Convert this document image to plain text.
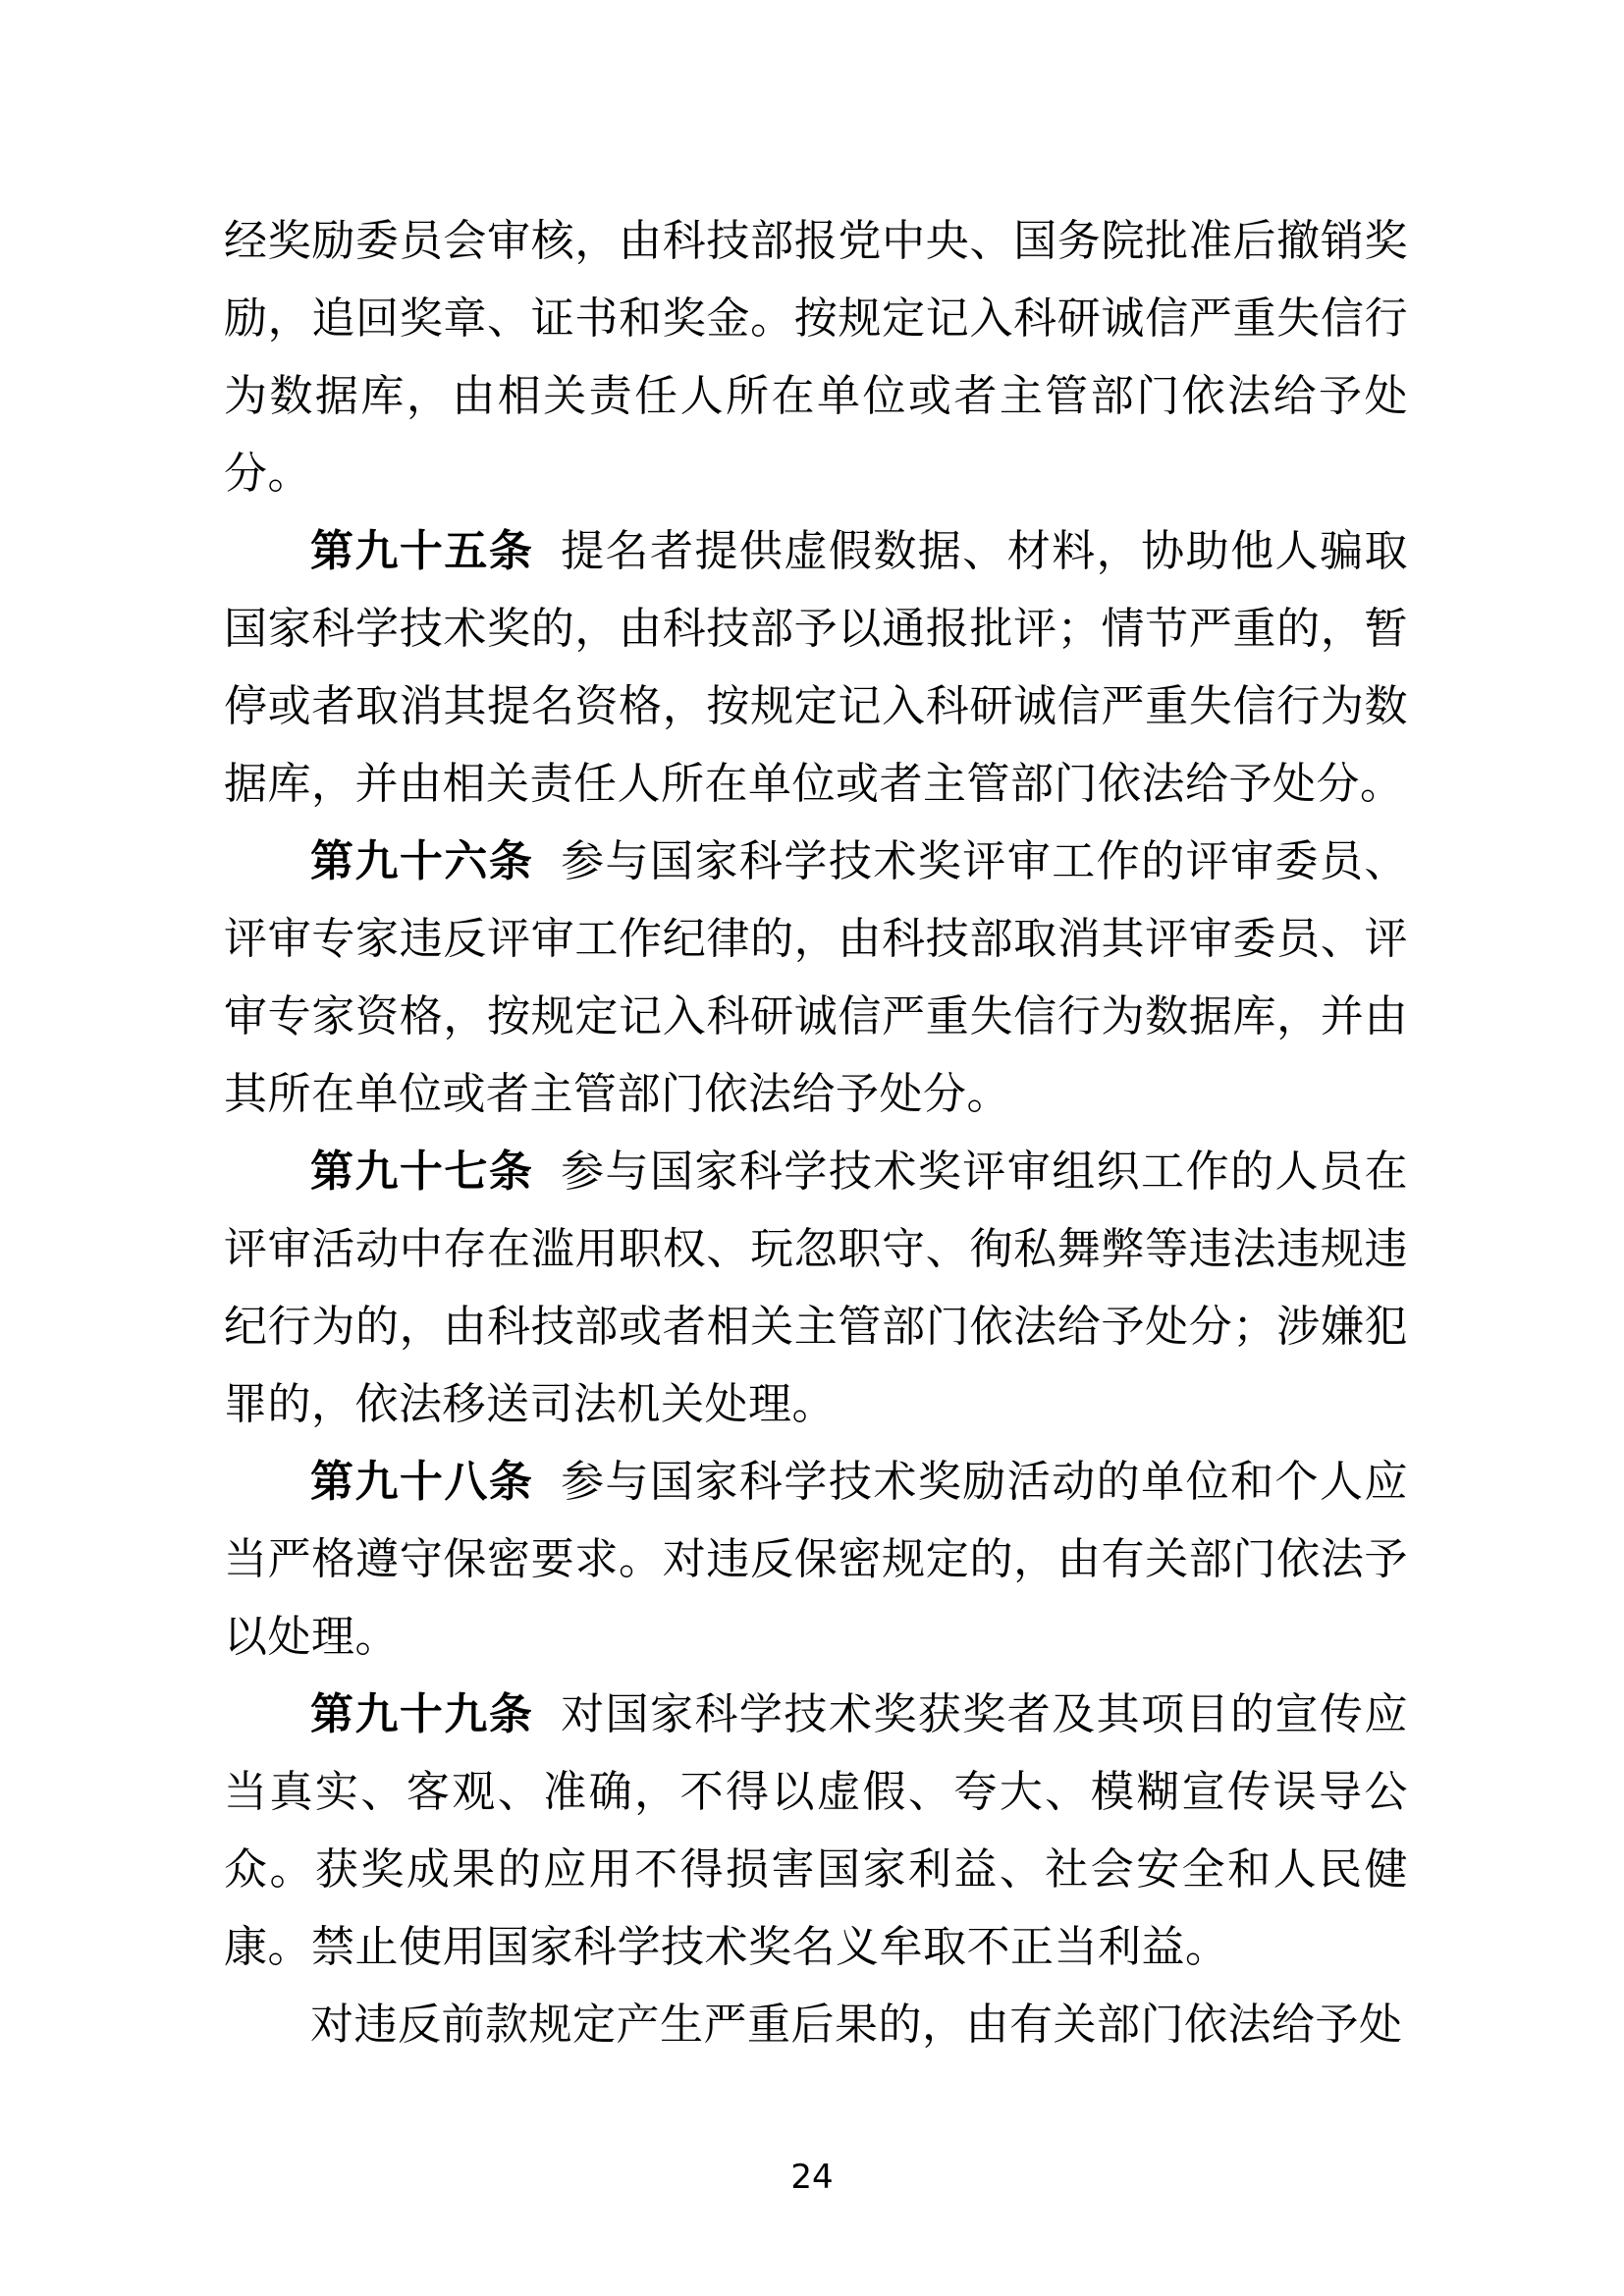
经奖励委员会审核，由科技部报党中央、国务院批准后撤销奖励，追回奖章、证书和奖金。按规定记入科研诚信严重失信行为数据库，由相关责任人所在单位或者主管部门依法给予处分。

第九十五条 提名者提供虚假数据、材料，协助他人骗取国家科学技术奖的，由科技部予以通报批评；情节严重的，暂停或者取消其提名资格，按规定记入科研诚信严重失信行为数据库，并由相关责任人所在单位或者主管部门依法给予处分。

第九十六条 参与国家科学技术奖评审工作的评审委员、评审专家违反评审工作纪律的，由科技部取消其评审委员、评审专家资格，按规定记入科研诚信严重失信行为数据库，并由其所在单位或者主管部门依法给予处分。

第九十七条 参与国家科学技术奖评审组织工作的人员在评审活动中存在滥用职权、玩忽职守、徇私舞弊等违法违规违纪行为的，由科技部或者相关主管部门依法给予处分；涉嫌犯罪的，依法移送司法机关处理。

第九十八条 参与国家科学技术奖励活动的单位和个人应当严格遵守保密要求。对违反保密规定的，由有关部门依法予以处理。

第九十九条 对国家科学技术奖获奖者及其项目的宣传应当真实、客观、准确，不得以虚假、夸大、模糊宣传误导公众。获奖成果的应用不得损害国家利益、社会安全和人民健康。禁止使用国家科学技术奖名义牟取不正当利益。

对违反前款规定产生严重后果的，由有关部门依法给予处

24
